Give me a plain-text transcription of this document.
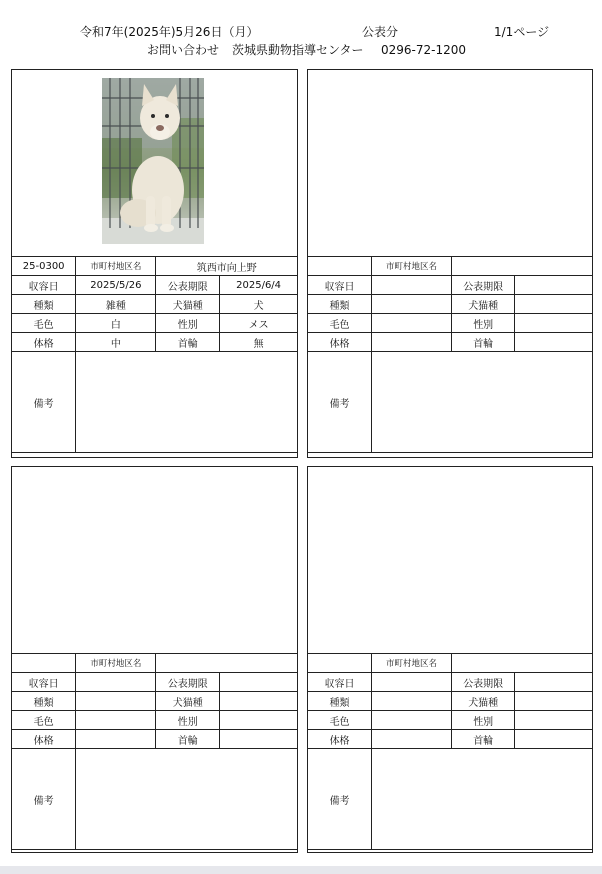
令和7年(2025年)5月26日（月）	公表分	1/1ページ
お問い合わせ 茨城県動物指導センター 0296-72-1200
25-0300	市町村地区名	筑西市向上野	
収容日	2025/5/26	公表期限	2025/6/4
種類	雑種	犬猫種	犬
毛色	白	性別	メス
体格	中	首輪	無
備考			
	市町村地区名		
収容日		公表期限	
種類		犬猫種	
毛色		性別	
体格		首輪	
備考			
	市町村地区名		
収容日		公表期限	
種類		犬猫種	
毛色		性別	
体格		首輪	
備考			
	市町村地区名		
収容日		公表期限	
種類		犬猫種	
毛色		性別	
体格		首輪	
備考			
